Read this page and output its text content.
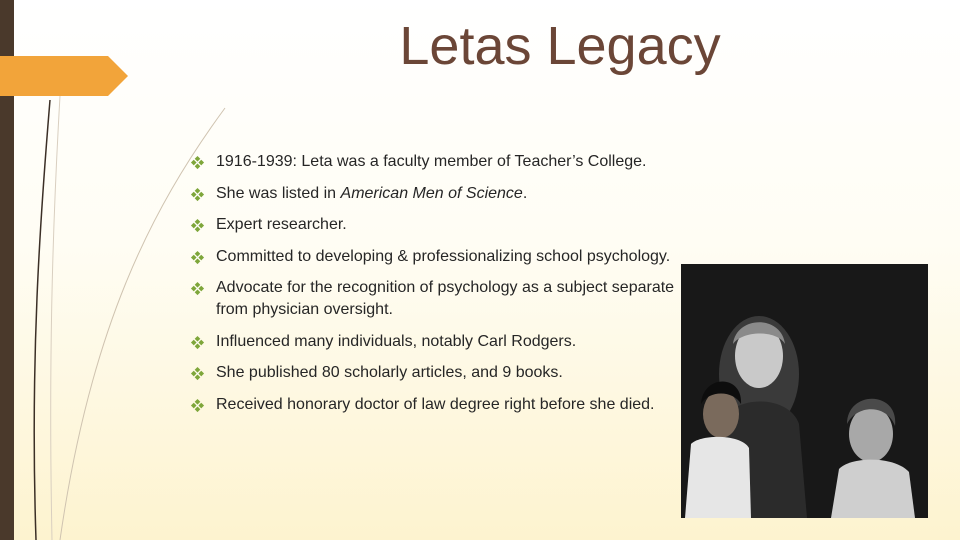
Letas Legacy
1916-1939: Leta was a faculty member of Teacher’s College.
She was listed in American Men of Science.
Expert researcher.
Committed to developing & professionalizing school psychology.
Advocate for the recognition of psychology as a subject separate from physician oversight.
Influenced many individuals, notably Carl Rodgers.
She published 80 scholarly articles, and 9 books.
Received honorary doctor of law degree right before she died.
